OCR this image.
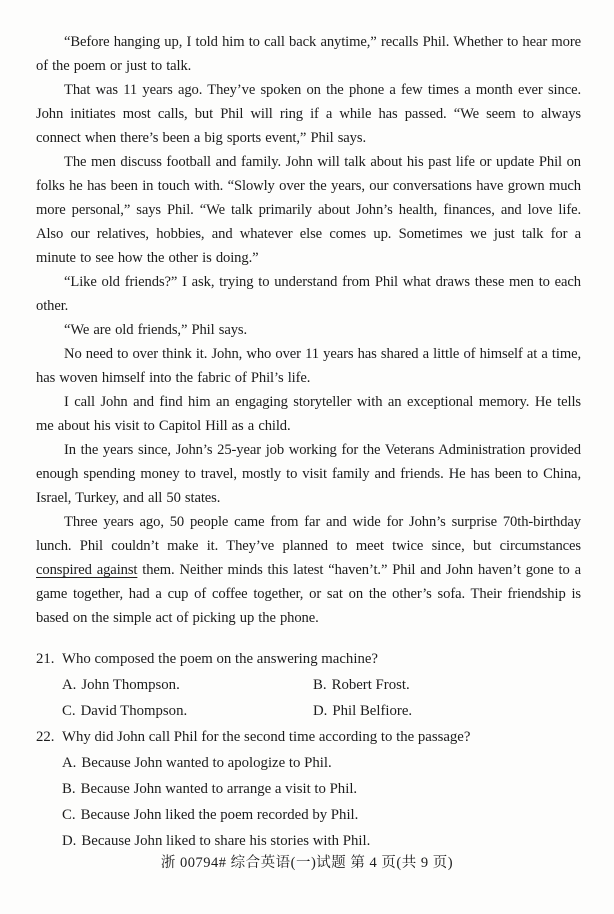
“Before hanging up, I told him to call back anytime,” recalls Phil. Whether to hear more of the poem or just to talk.

That was 11 years ago. They’ve spoken on the phone a few times a month ever since. John initiates most calls, but Phil will ring if a while has passed. “We seem to always connect when there’s been a big sports event,” Phil says.

The men discuss football and family. John will talk about his past life or update Phil on folks he has been in touch with. “Slowly over the years, our conversations have grown much more personal,” says Phil. “We talk primarily about John’s health, finances, and love life. Also our relatives, hobbies, and whatever else comes up. Sometimes we just talk for a minute to see how the other is doing.”

“Like old friends?” I ask, trying to understand from Phil what draws these men to each other.

“We are old friends,” Phil says.

No need to over think it. John, who over 11 years has shared a little of himself at a time, has woven himself into the fabric of Phil’s life.

I call John and find him an engaging storyteller with an exceptional memory. He tells me about his visit to Capitol Hill as a child.

In the years since, John’s 25-year job working for the Veterans Administration provided enough spending money to travel, mostly to visit family and friends. He has been to China, Israel, Turkey, and all 50 states.

Three years ago, 50 people came from far and wide for John’s surprise 70th-birthday lunch. Phil couldn’t make it. They’ve planned to meet twice since, but circumstances conspired against them. Neither minds this latest “haven’t.” Phil and John haven’t gone to a game together, had a cup of coffee together, or sat on the other’s sofa. Their friendship is based on the simple act of picking up the phone.

21. Who composed the poem on the answering machine?
A. John Thompson.	B. Robert Frost.
C. David Thompson.	D. Phil Belfiore.
22. Why did John call Phil for the second time according to the passage?
A. Because John wanted to apologize to Phil.
B. Because John wanted to arrange a visit to Phil.
C. Because John liked the poem recorded by Phil.
D. Because John liked to share his stories with Phil.
浙 00794# 综合英语(一)试题 第 4 页(共 9 页)
